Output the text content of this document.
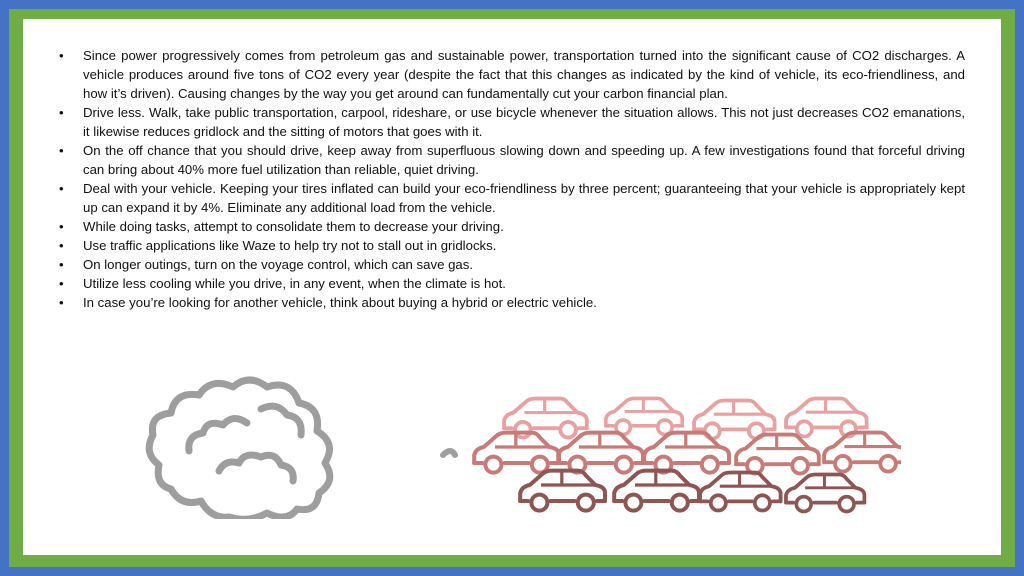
• Since power progressively comes from petroleum gas and sustainable power, transportation turned into the significant cause of CO2 discharges. A vehicle produces around five tons of CO2 every year (despite the fact that this changes as indicated by the kind of vehicle, its eco-friendliness, and how it’s driven). Causing changes by the way you get around can fundamentally cut your carbon financial plan.
• Drive less. Walk, take public transportation, carpool, rideshare, or use bicycle whenever the situation allows. This not just decreases CO2 emanations, it likewise reduces gridlock and the sitting of motors that goes with it.
• On the off chance that you should drive, keep away from superfluous slowing down and speeding up. A few investigations found that forceful driving can bring about 40% more fuel utilization than reliable, quiet driving.
• Deal with your vehicle. Keeping your tires inflated can build your eco-friendliness by three percent; guaranteeing that your vehicle is appropriately kept up can expand it by 4%. Eliminate any additional load from the vehicle.
• While doing tasks, attempt to consolidate them to decrease your driving.
• Use traffic applications like Waze to help try not to stall out in gridlocks.
• On longer outings, turn on the voyage control, which can save gas.
• Utilize less cooling while you drive, in any event, when the climate is hot.
• In case you’re looking for another vehicle, think about buying a hybrid or electric vehicle.
